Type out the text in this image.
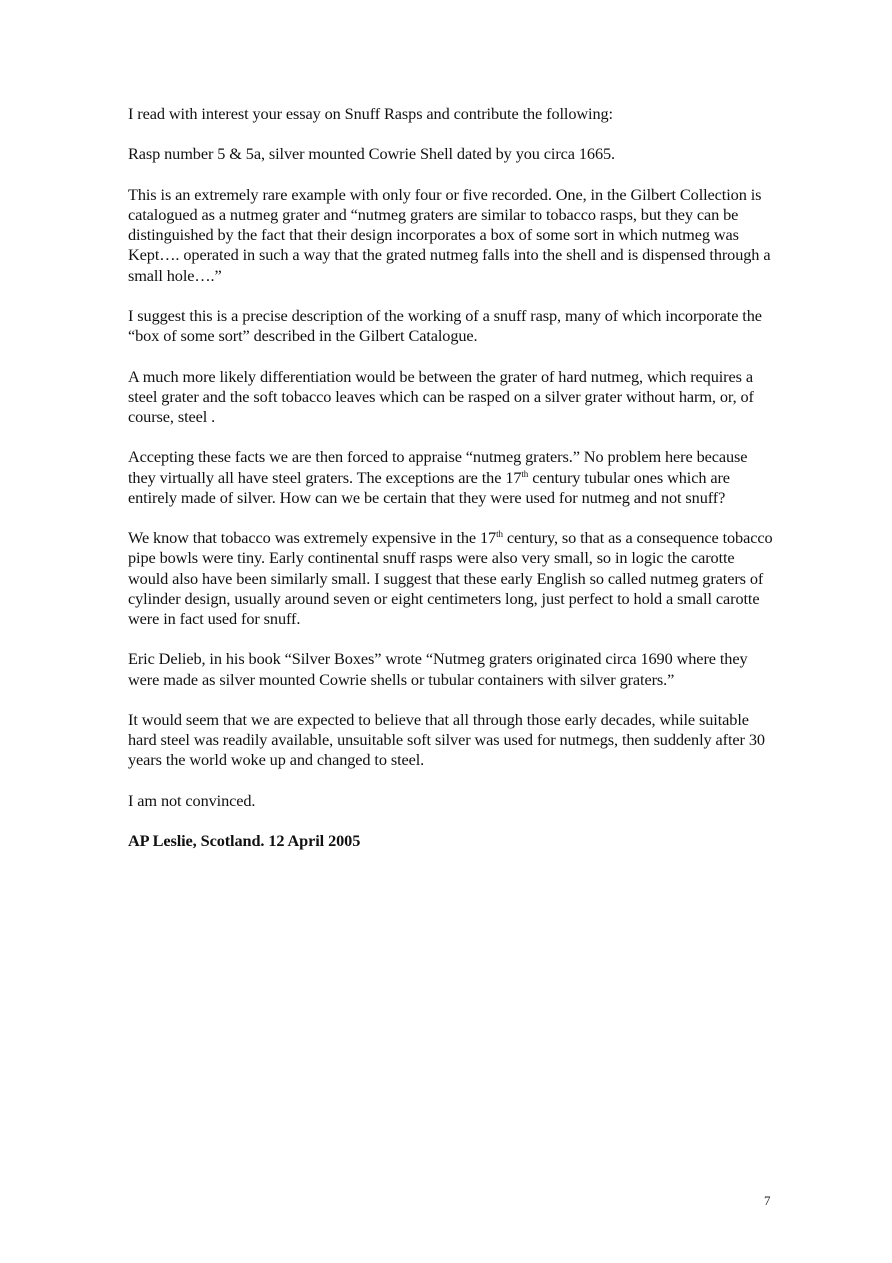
I read with interest your essay on Snuff Rasps and contribute the following:

Rasp number 5 & 5a, silver mounted Cowrie Shell dated by you circa 1665.

This is an extremely rare example with only four or five recorded. One, in the Gilbert Collection is catalogued as a nutmeg grater and “nutmeg graters are similar to tobacco rasps, but they can be distinguished by the fact that their design incorporates a box of some sort in which nutmeg was Kept…. operated in such a way that the grated nutmeg falls into the shell and is dispensed through a small hole….”

I suggest this is a precise description of the working of a snuff rasp, many of which incorporate the “box of some sort” described in the Gilbert Catalogue.

A much more likely differentiation would be between the grater of hard nutmeg, which requires a steel grater and the soft tobacco leaves which can be rasped on a silver grater without harm, or, of course, steel .

Accepting these facts we are then forced to appraise “nutmeg graters.” No problem here because they virtually all have steel graters. The exceptions are the 17th century tubular ones which are entirely made of silver. How can we be certain that they were used for nutmeg and not snuff?

We know that tobacco was extremely expensive in the 17th century, so that as a consequence tobacco pipe bowls were tiny. Early continental snuff rasps were also very small, so in logic the carotte would also have been similarly small. I suggest that these early English so called nutmeg graters of cylinder design, usually around seven or eight centimeters long, just perfect to hold a small carotte were in fact used for snuff.

Eric Delieb, in his book “Silver Boxes” wrote “Nutmeg graters originated circa 1690 where they were made as silver mounted Cowrie shells or tubular containers with silver graters.”

It would seem that we are expected to believe that all through those early decades, while suitable hard steel was readily available, unsuitable soft silver was used for nutmegs, then suddenly after 30 years the world woke up and changed to steel.

I am not convinced.

AP Leslie, Scotland. 12 April 2005

7
